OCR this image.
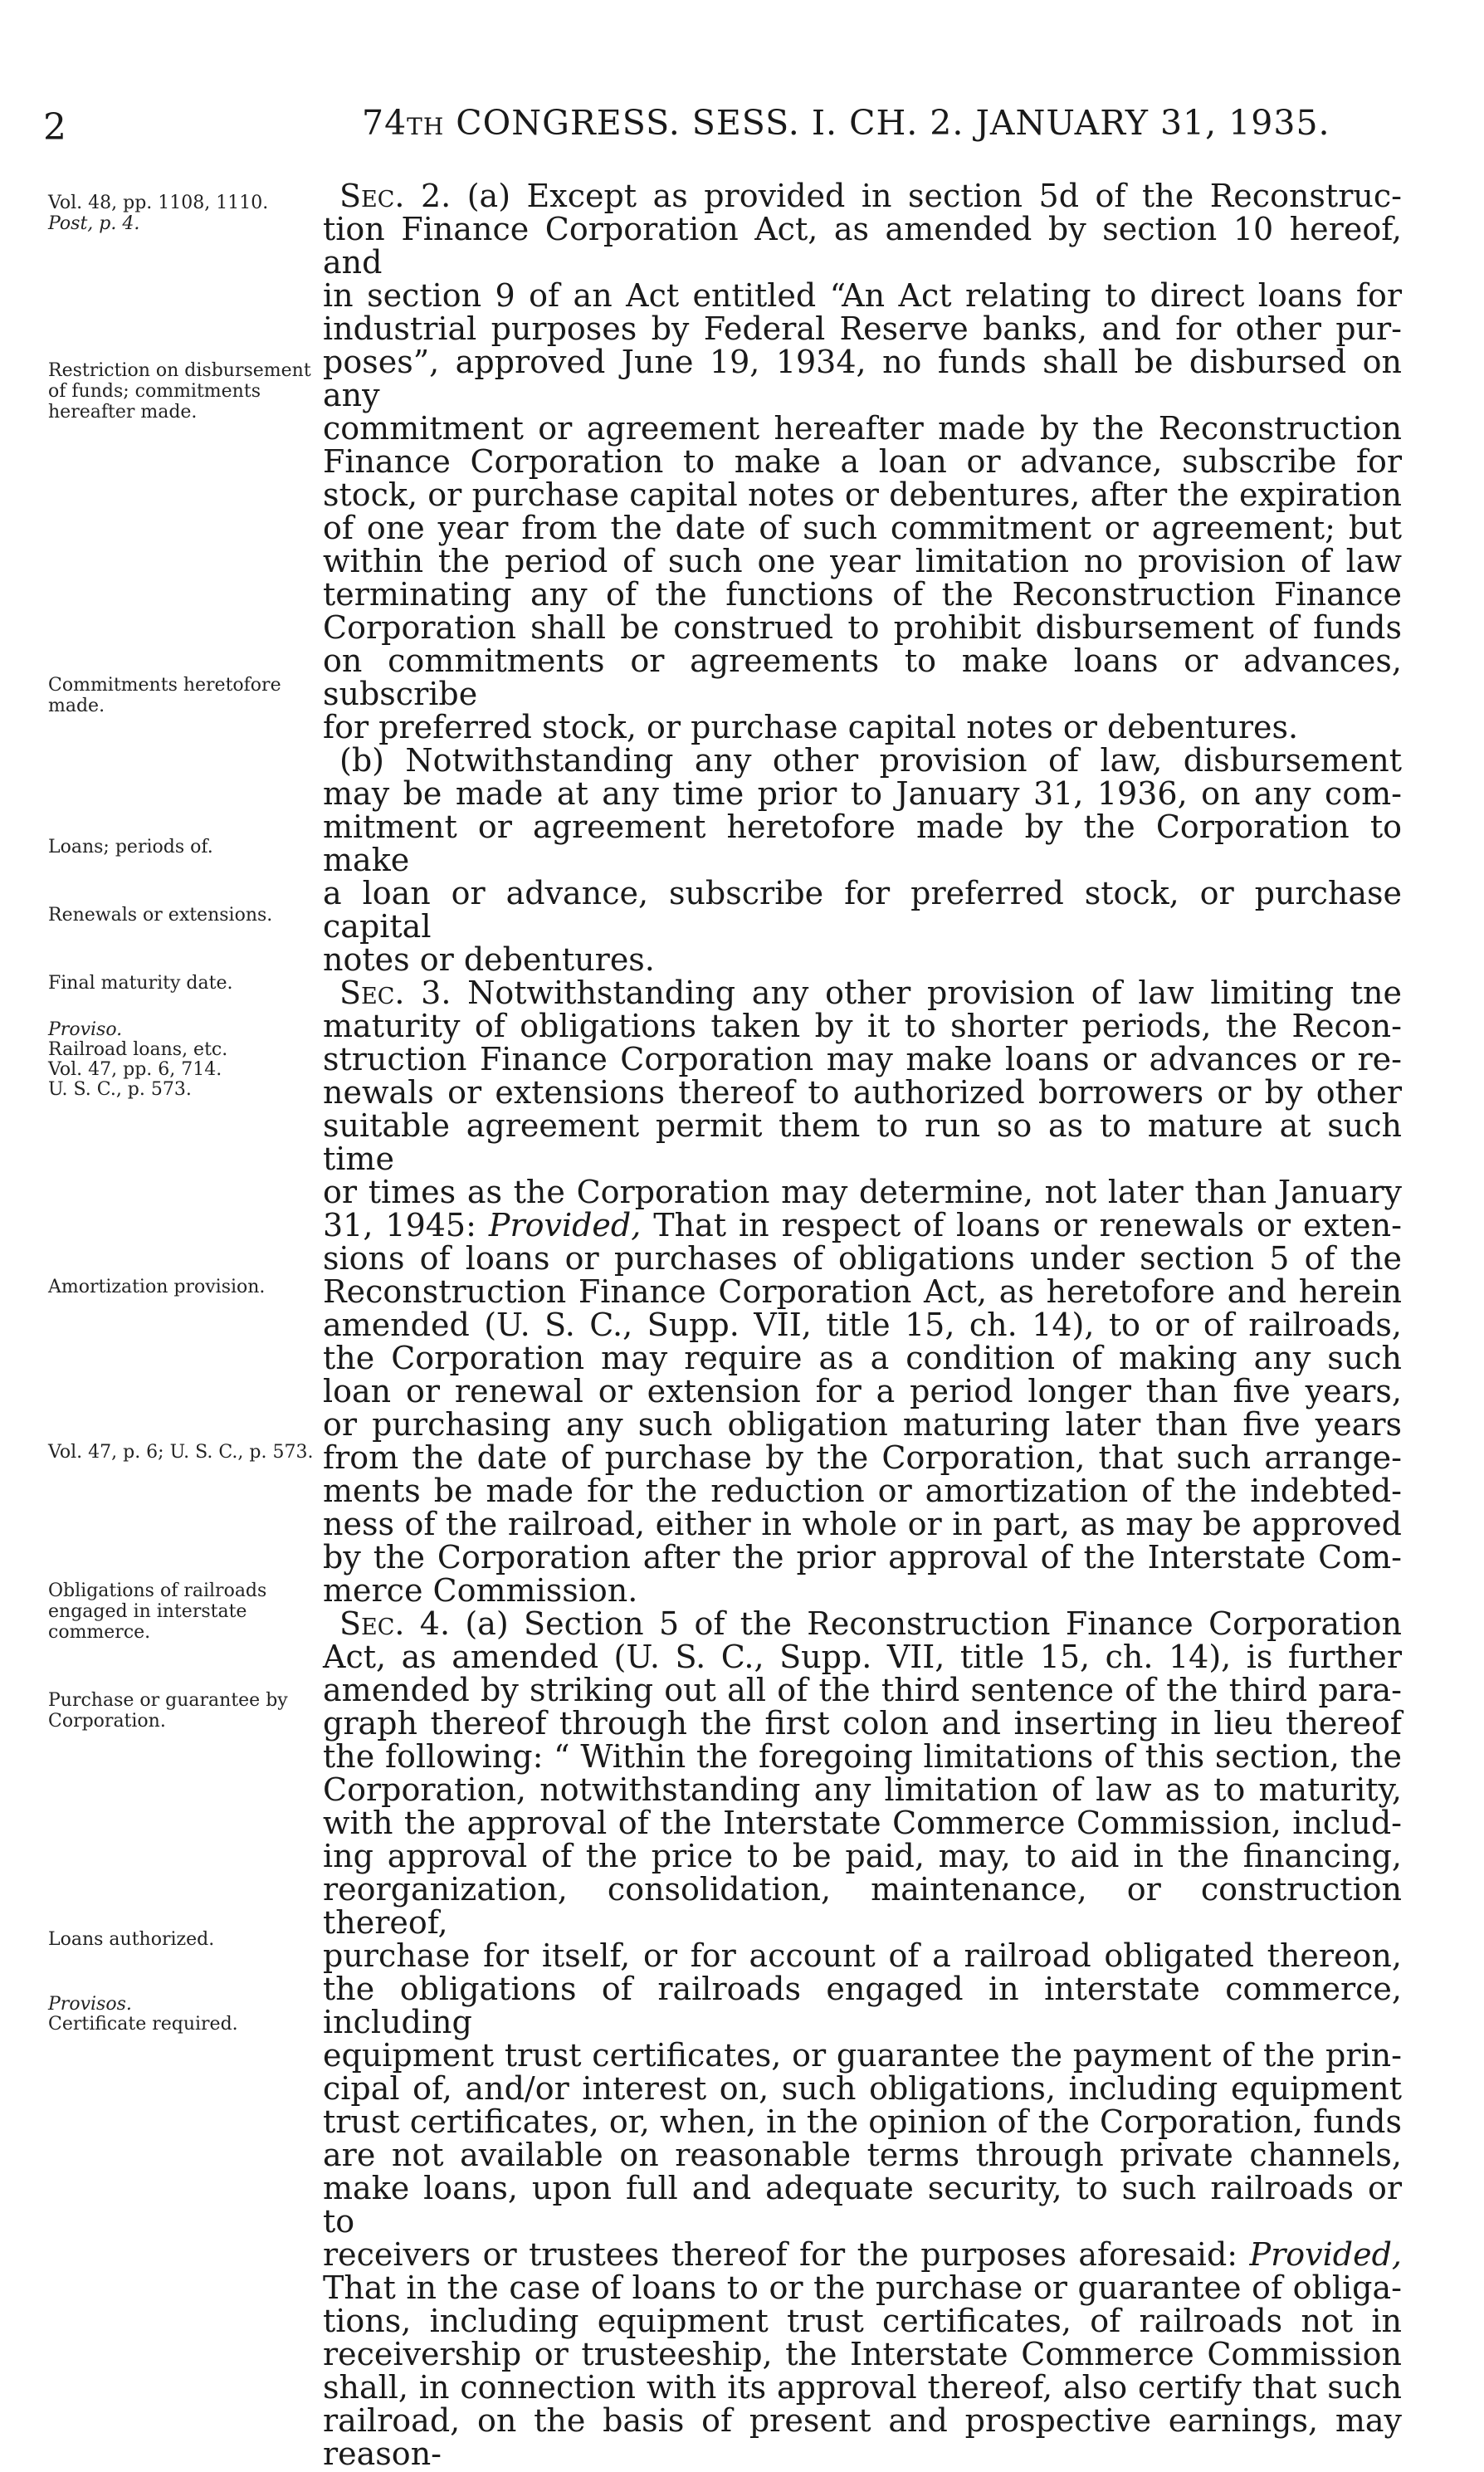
2	74TH CONGRESS. SESS. I. CH. 2. JANUARY 31, 1935.
Vol. 48, pp. 1108, 1110.
Post, p. 4.
Restriction on disbursement of funds; commitments hereafter made.
Commitments heretofore made.
Loans; periods of.
Renewals or extensions.
Final maturity date.
Proviso.
Railroad loans, etc.
Vol. 47, pp. 6, 714.
U. S. C., p. 573.
Amortization provision.
Vol. 47, p. 6; U. S. C., p. 573.
Obligations of railroads engaged in interstate commerce.
Purchase or guarantee by Corporation.
Loans authorized.
Provisos.
Certificate required.

Sec. 2. (a) Except as provided in section 5d of the Reconstruc-

tion Finance Corporation Act, as amended by section 10 hereof, and

in section 9 of an Act entitled “An Act relating to direct loans for

industrial purposes by Federal Reserve banks, and for other pur-

poses”, approved June 19, 1934, no funds shall be disbursed on any

commitment or agreement hereafter made by the Reconstruction

Finance Corporation to make a loan or advance, subscribe for

stock, or purchase capital notes or debentures, after the expiration

of one year from the date of such commitment or agreement; but

within the period of such one year limitation no provision of law

terminating any of the functions of the Reconstruction Finance

Corporation shall be construed to prohibit disbursement of funds

on commitments or agreements to make loans or advances, subscribe

for preferred stock, or purchase capital notes or debentures.

(b) Notwithstanding any other provision of law, disbursement

may be made at any time prior to January 31, 1936, on any com-

mitment or agreement heretofore made by the Corporation to make

a loan or advance, subscribe for preferred stock, or purchase capital

notes or debentures.

Sec. 3. Notwithstanding any other provision of law limiting tne

maturity of obligations taken by it to shorter periods, the Recon-

struction Finance Corporation may make loans or advances or re-

newals or extensions thereof to authorized borrowers or by other

suitable agreement permit them to run so as to mature at such time

or times as the Corporation may determine, not later than January

31, 1945: Provided, That in respect of loans or renewals or exten-

sions of loans or purchases of obligations under section 5 of the

Reconstruction Finance Corporation Act, as heretofore and herein

amended (U. S. C., Supp. VII, title 15, ch. 14), to or of railroads,

the Corporation may require as a condition of making any such

loan or renewal or extension for a period longer than five years,

or purchasing any such obligation maturing later than five years

from the date of purchase by the Corporation, that such arrange-

ments be made for the reduction or amortization of the indebted-

ness of the railroad, either in whole or in part, as may be approved

by the Corporation after the prior approval of the Interstate Com-

merce Commission.

Sec. 4. (a) Section 5 of the Reconstruction Finance Corporation

Act, as amended (U. S. C., Supp. VII, title 15, ch. 14), is further

amended by striking out all of the third sentence of the third para-

graph thereof through the first colon and inserting in lieu thereof

the following: “ Within the foregoing limitations of this section, the

Corporation, notwithstanding any limitation of law as to maturity,

with the approval of the Interstate Commerce Commission, includ-

ing approval of the price to be paid, may, to aid in the financing,

reorganization, consolidation, maintenance, or construction thereof,

purchase for itself, or for account of a railroad obligated thereon,

the obligations of railroads engaged in interstate commerce, including

equipment trust certificates, or guarantee the payment of the prin-

cipal of, and/or interest on, such obligations, including equipment

trust certificates, or, when, in the opinion of the Corporation, funds

are not available on reasonable terms through private channels,

make loans, upon full and adequate security, to such railroads or to

receivers or trustees thereof for the purposes aforesaid: Provided,

That in the case of loans to or the purchase or guarantee of obliga-

tions, including equipment trust certificates, of railroads not in

receivership or trusteeship, the Interstate Commerce Commission

shall, in connection with its approval thereof, also certify that such

railroad, on the basis of present and prospective earnings, may reason-
